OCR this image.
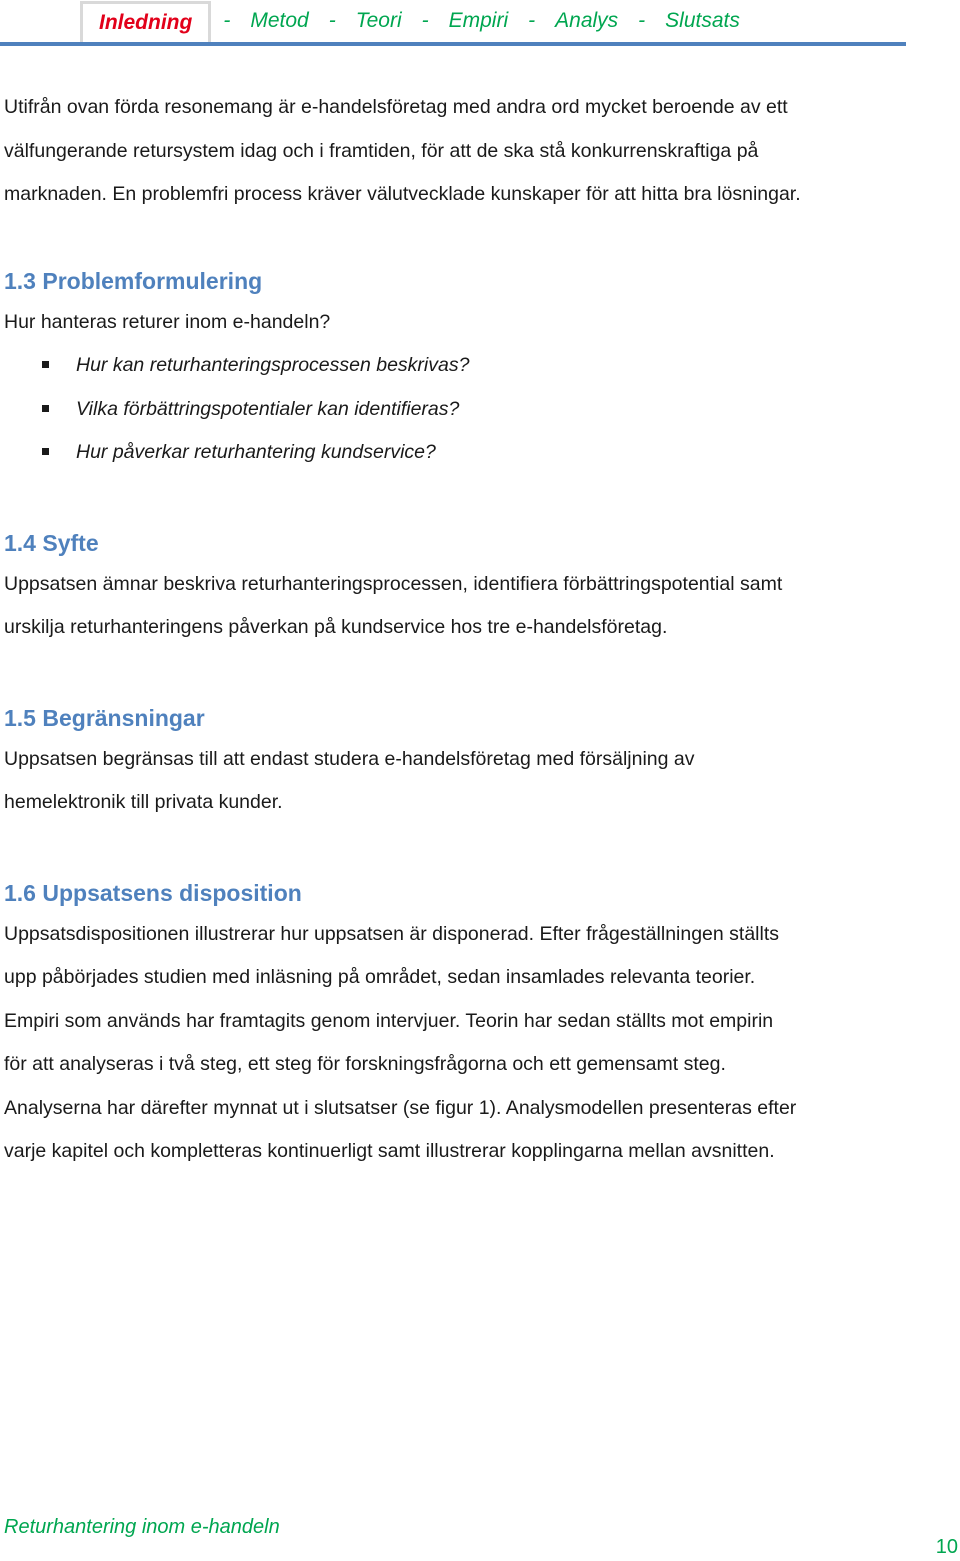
Inledning	- Metod - Teori - Empiri - Analys - Slutsats

Utifrån ovan förda resonemang är e-handelsföretag med andra ord mycket beroende av ett

välfungerande retursystem idag och i framtiden, för att de ska stå konkurrenskraftiga på

marknaden. En problemfri process kräver välutvecklade kunskaper för att hitta bra lösningar.

1.3 Problemformulering

Hur hanteras returer inom e-handeln?

Hur kan returhanteringsprocessen beskrivas?
Vilka förbättringspotentialer kan identifieras?
Hur påverkar returhantering kundservice?
1.4 Syfte

Uppsatsen ämnar beskriva returhanteringsprocessen, identifiera förbättringspotential samt

urskilja returhanteringens påverkan på kundservice hos tre e-handelsföretag.

1.5 Begränsningar

Uppsatsen begränsas till att endast studera e-handelsföretag med försäljning av

hemelektronik till privata kunder.

1.6 Uppsatsens disposition

Uppsatsdispositionen illustrerar hur uppsatsen är disponerad. Efter frågeställningen ställts

upp påbörjades studien med inläsning på området, sedan insamlades relevanta teorier.

Empiri som används har framtagits genom intervjuer. Teorin har sedan ställts mot empirin

för att analyseras i två steg, ett steg för forskningsfrågorna och ett gemensamt steg.

Analyserna har därefter mynnat ut i slutsatser (se figur 1). Analysmodellen presenteras efter

varje kapitel och kompletteras kontinuerligt samt illustrerar kopplingarna mellan avsnitten.

Returhantering inom e-handeln
10
